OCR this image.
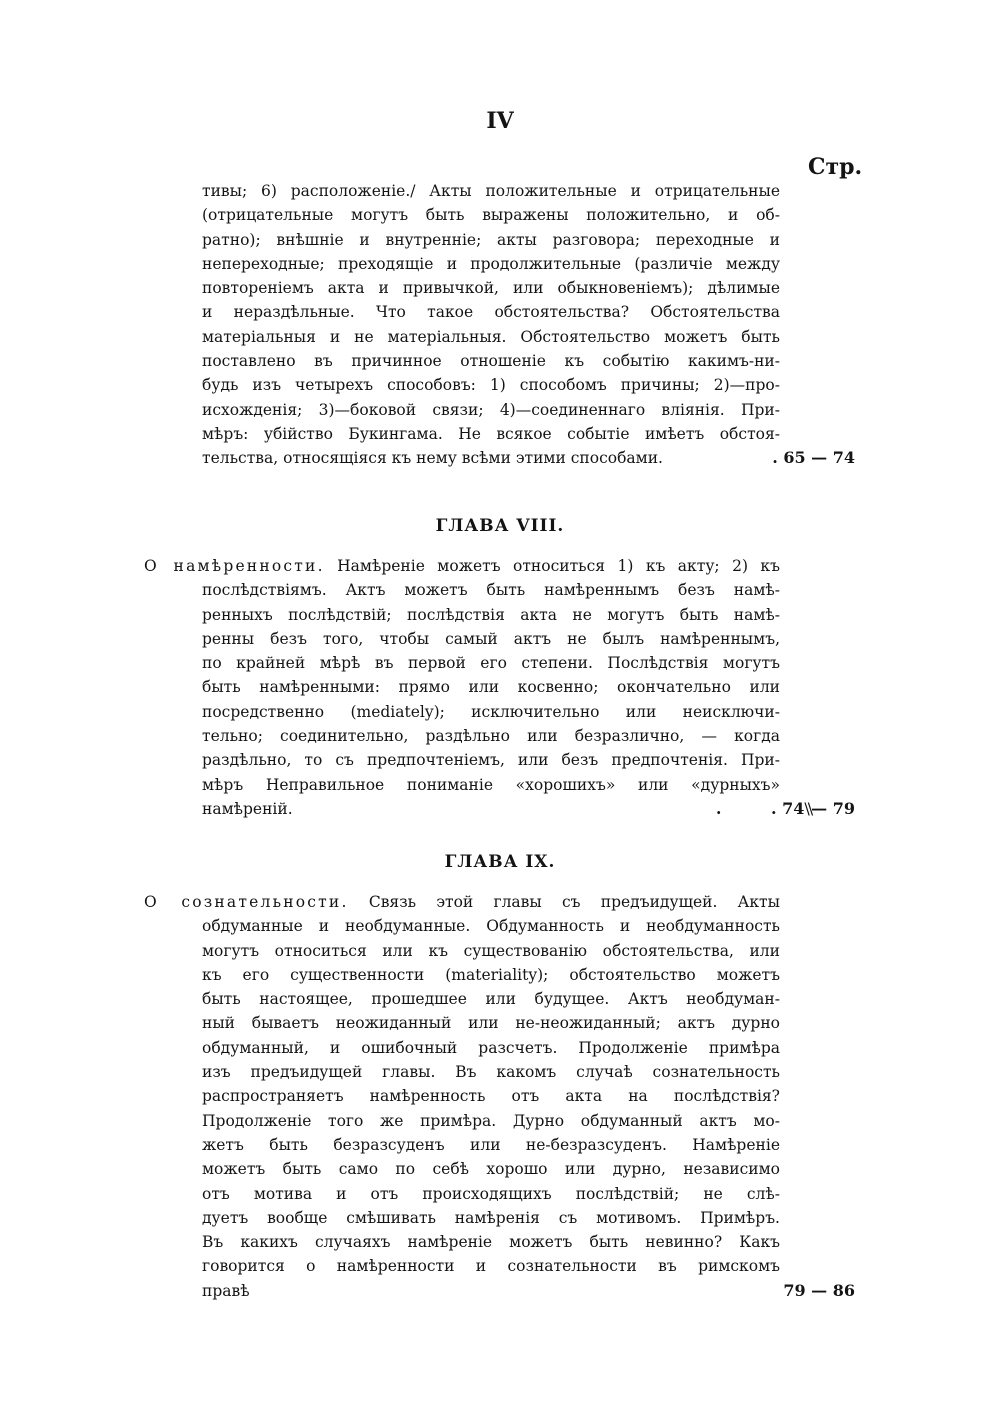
IV
Стр.
тивы; 6) расположеніе./ Акты положительные и отрицательные
(отрицательные могутъ быть выражены положительно, и об-
ратно); внѣшніе и внутренніе; акты разговора; переходные и
непереходные; преходящіе и продолжительные (различіе между
повтореніемъ акта и привычкой, или обыкновеніемъ); дѣлимые
и нераздѣльные. Что такое обстоятельства? Обстоятельства
матеріальныя и не матеріальныя. Обстоятельство можетъ быть
поставлено въ причинное отношеніе къ событію какимъ-ни-
будь изъ четырехъ способовъ: 1) способомъ причины; 2)—про-
исхожденія; 3)—боковой связи; 4)—соединеннаго вліянія. При-
мѣръ: убійство Букингама. Не всякое событіе имѣетъ обстоя-
тельства, относящіяся къ нему всѣми этими способами.	. 65 — 74
ГЛАВА VIII.
О намѣренности. Намѣреніе можетъ относиться 1) къ акту; 2) къ
послѣдствіямъ. Актъ можетъ быть намѣреннымъ безъ намѣ-
ренныхъ послѣдствій; послѣдствія акта не могутъ быть намѣ-
ренны безъ того, чтобы самый актъ не былъ намѣреннымъ,
по крайней мѣрѣ въ первой его степени. Послѣдствія могутъ
быть намѣренными: прямо или косвенно; окончательно или
посредственно (mediately); исключительно или неисключи-
тельно; соединительно, раздѣльно или безразлично, — когда
раздѣльно, то съ предпочтеніемъ, или безъ предпочтенія. При-
мѣръ Неправильное пониманіе «хорошихъ» или «дурныхъ»
намѣреній.	.	. 74\\— 79
ГЛАВА IX.
О сознательности. Связь этой главы съ предъидущей. Акты
обдуманные и необдуманные. Обдуманность и необдуманность
могутъ относиться или къ существованію обстоятельства, или
къ его существенности (materiality); обстоятельство можетъ
быть настоящее, прошедшее или будущее. Актъ необдуман-
ный бываетъ неожиданный или не-неожиданный; актъ дурно
обдуманный, и ошибочный разсчетъ. Продолженіе примѣра
изъ предъидущей главы. Въ какомъ случаѣ сознательность
распространяетъ намѣренность отъ акта на послѣдствія?
Продолженіе того же примѣра. Дурно обдуманный актъ мо-
жетъ быть безразсуденъ или не-безразсуденъ. Намѣреніе
можетъ быть само по себѣ хорошо или дурно, независимо
отъ мотива и отъ происходящихъ послѣдствій; не слѣ-
дуетъ вообще смѣшивать намѣренія съ мотивомъ. Примѣръ.
Въ какихъ случаяхъ намѣреніе можетъ быть невинно? Какъ
говорится о намѣренности и сознательности въ римскомъ
правѣ	79 — 86
